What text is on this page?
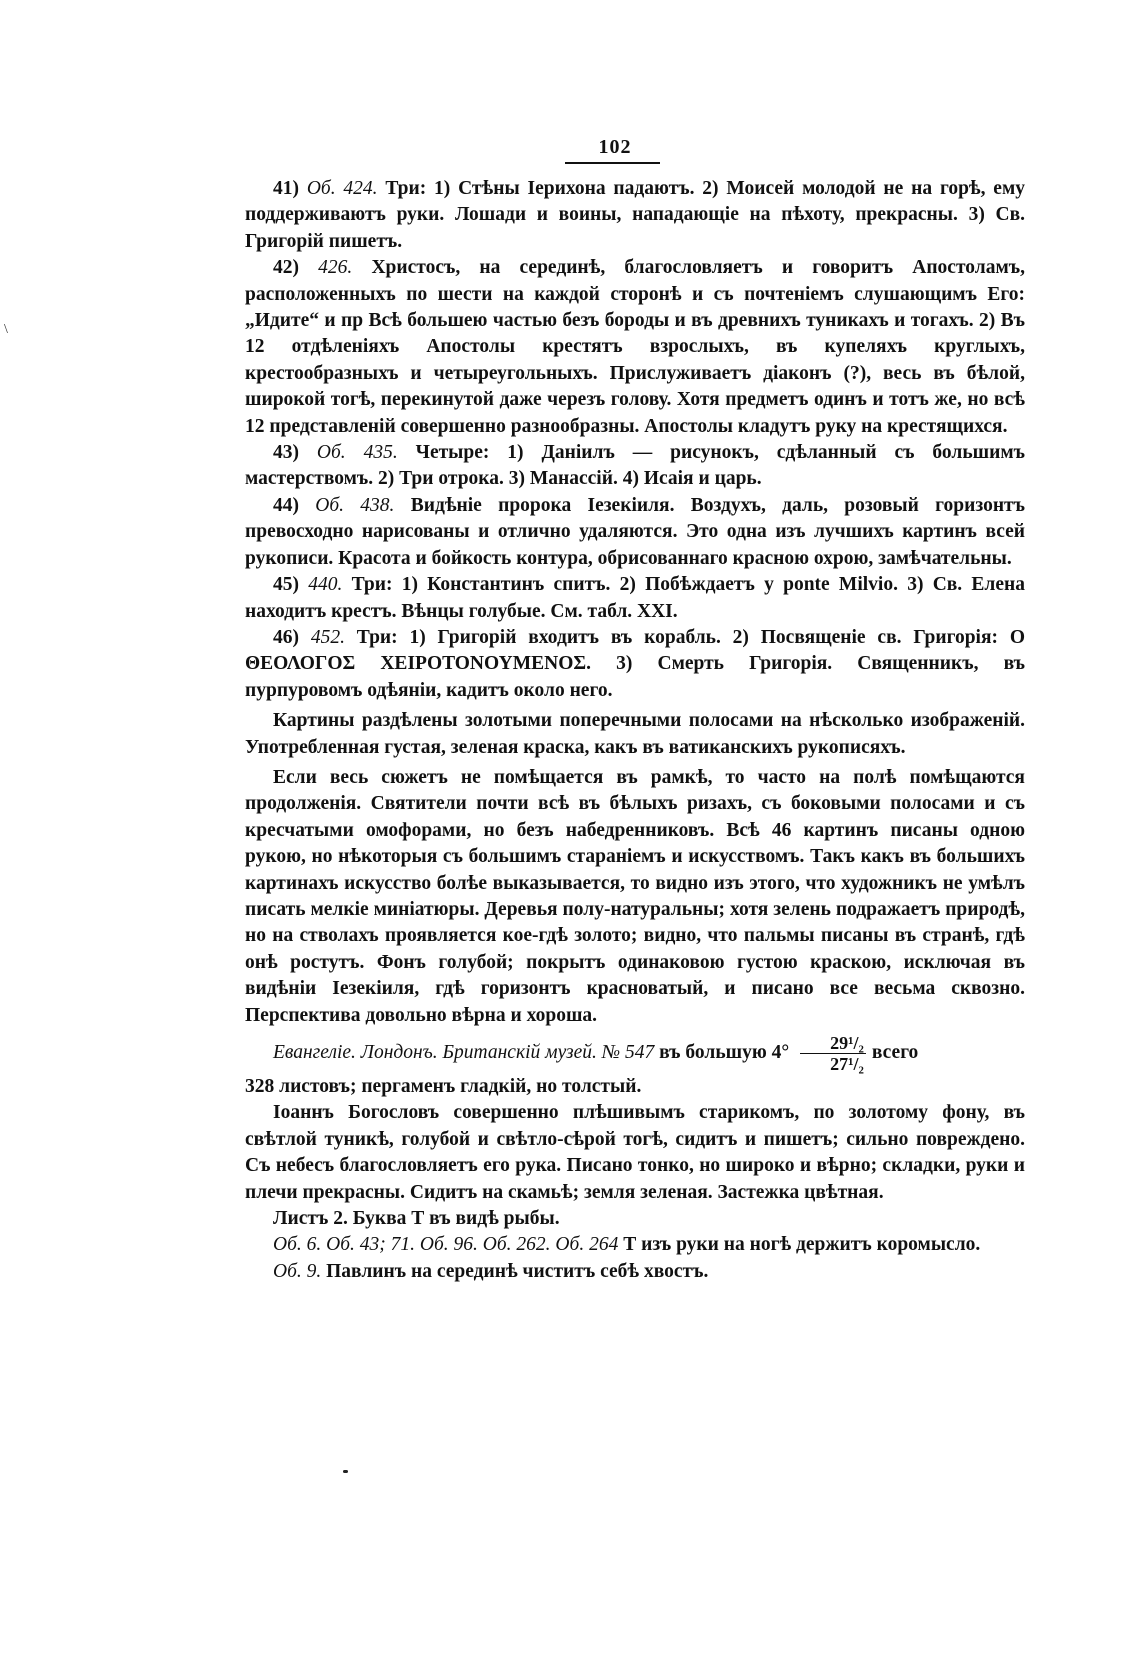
102
\

41) Об. 424. Три: 1) Стѣны Іерихона падаютъ. 2) Моисей молодой не на горѣ, ему поддерживаютъ руки. Лошади и воины, нападающіе на пѣхоту, прекрасны. 3) Св. Григорій пишетъ.

42) 426. Христосъ, на серединѣ, благословляетъ и говоритъ Апостоламъ, расположенныхъ по шести на каждой сторонѣ и съ почтеніемъ слушающимъ Его: „Идите“ и пр Всѣ большею частью безъ бороды и въ древнихъ туникахъ и тогахъ. 2) Въ 12 отдѣленіяхъ Апостолы крестятъ взрослыхъ, въ купеляхъ круглыхъ, крестообразныхъ и четыреугольныхъ. Прислуживаетъ діаконъ (?), весь въ бѣлой, широкой тогѣ, перекинутой даже черезъ голову. Хотя предметъ одинъ и тотъ же, но всѣ 12 представленій совершенно разнообразны. Апостолы кладутъ руку на крестящихся.

43) Об. 435. Четыре: 1) Даніилъ — рисунокъ, сдѣланный съ большимъ мастерствомъ. 2) Три отрока. 3) Манассій. 4) Исаія и царь.

44) Об. 438. Видѣніе пророка Іезекіиля. Воздухъ, даль, розовый горизонтъ превосходно нарисованы и отлично удаляются. Это одна изъ лучшихъ картинъ всей рукописи. Красота и бойкость контура, обрисованнаго красною охрою, замѣчательны.

45) 440. Три: 1) Константинъ спитъ. 2) Побѣждаетъ у ponte Milvio. 3) Св. Елена находитъ крестъ. Вѣнцы голубые. См. табл. XXI.

46) 452. Три: 1) Григорій входитъ въ корабль. 2) Посвященіе св. Григорія: Ο ΘΕΟΛΟΓΟΣ ΧΕΙΡΟΤΟΝΟΥΜΕΝΟΣ. 3) Смерть Григорія. Священникъ, въ пурпуровомъ одѣяніи, кадитъ около него.

Картины раздѣлены золотыми поперечными полосами на нѣсколько изображеній. Употребленная густая, зеленая краска, какъ въ ватиканскихъ рукописяхъ.

Если весь сюжетъ не помѣщается въ рамкѣ, то часто на полѣ помѣщаются продолженія. Святители почти всѣ въ бѣлыхъ ризахъ, съ боковыми полосами и съ кресчатыми омофорами, но безъ набедренниковъ. Всѣ 46 картинъ писаны одною рукою, но нѣкоторыя съ большимъ стараніемъ и искусствомъ. Такъ какъ въ большихъ картинахъ искусство болѣе выказывается, то видно изъ этого, что художникъ не умѣлъ писать мелкіе миніатюры. Деревья полу-натуральны; хотя зелень подражаетъ природѣ, но на стволахъ проявляется кое-гдѣ золото; видно, что пальмы писаны въ странѣ, гдѣ онѣ ростутъ. Фонъ голубой; покрытъ одинаковою густою краскою, исключая въ видѣніи Іезекіиля, гдѣ горизонтъ красноватый, и писано все весьма сквозно. Перспектива довольно вѣрна и хороша.

Евангеліе. Лондонъ. Британскій музей. № 547 въ большую $4^\circ \frac{\text{29¹/₂}}{\text{27¹/₂}}$ всего

328 листовъ; пергаменъ гладкій, но толстый.

Іоаннъ Богословъ совершенно плѣшивымъ старикомъ, по золотому фону, въ свѣтлой туникѣ, голубой и свѣтло-сѣрой тогѣ, сидитъ и пишетъ; сильно повреждено. Съ небесъ благословляетъ его рука. Писано тонко, но широко и вѣрно; складки, руки и плечи прекрасны. Сидитъ на скамьѣ; земля зеленая. Застежка цвѣтная.

Листъ 2. Буква Т въ видѣ рыбы.

Об. 6. Об. 43; 71. Об. 96. Об. 262. Об. 264 Т изъ руки на ногѣ держитъ коромысло.

Об. 9. Павлинъ на серединѣ чиститъ себѣ хвостъ.
